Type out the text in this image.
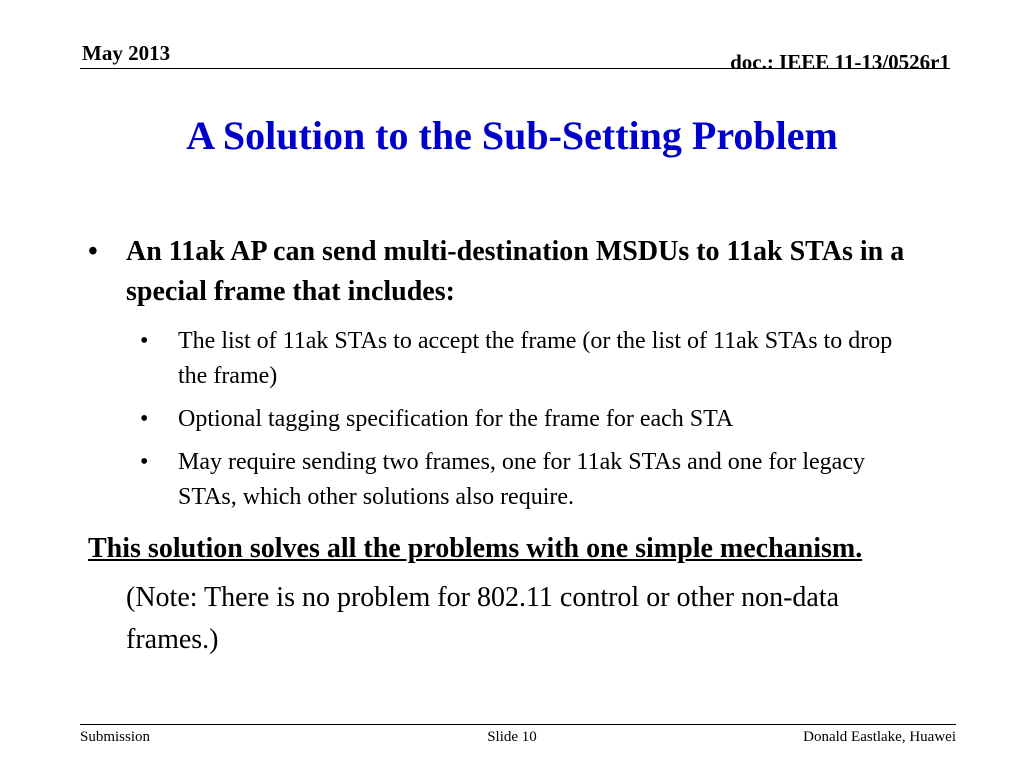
May 2013	doc.: IEEE 11-13/0526r1
A Solution to the Sub-Setting Problem
• An 11ak AP can send multi-destination MSDUs to 11ak STAs in a special frame that includes:
• The list of 11ak STAs to accept the frame (or the list of 11ak STAs to drop the frame)
• Optional tagging specification for the frame for each STA
• May require sending two frames, one for 11ak STAs and one for legacy STAs, which other solutions also require.
This solution solves all the problems with one simple mechanism.
(Note: There is no problem for 802.11 control or other non-data frames.)
Submission	Slide 10	Donald Eastlake, Huawei
